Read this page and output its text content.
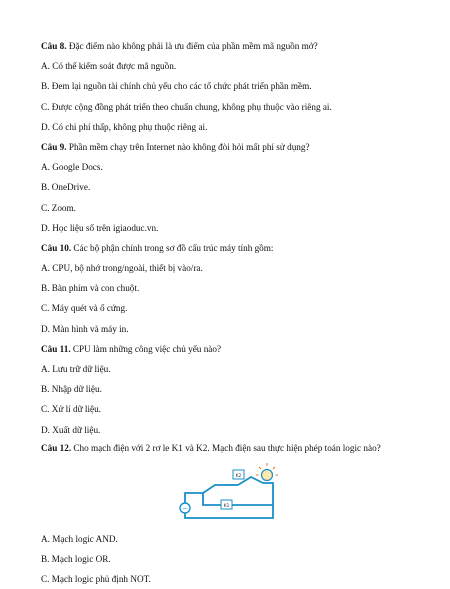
Câu 8. Đặc điểm nào không phải là ưu điểm của phần mềm mã nguồn mở?
A. Có thể kiểm soát được mã nguồn.
B. Đem lại nguồn tài chính chủ yếu cho các tổ chức phát triển phần mềm.
C. Được cộng đồng phát triển theo chuẩn chung, không phụ thuộc vào riêng ai.
D. Có chi phí thấp, không phụ thuộc riêng ai.
Câu 9. Phần mềm chạy trên Internet nào không đòi hỏi mất phí sử dụng?
A. Google Docs.
B. OneDrive.
C. Zoom.
D. Học liệu số trên igiaoduc.vn.
Câu 10. Các bộ phận chính trong sơ đồ cấu trúc máy tính gồm:
A. CPU, bộ nhớ trong/ngoài, thiết bị vào/ra.
B. Bàn phím và con chuột.
C. Máy quét và ổ cứng.
D. Màn hình và máy in.
Câu 11. CPU làm những công việc chủ yếu nào?
A. Lưu trữ dữ liệu.
B. Nhập dữ liệu.
C. Xử lí dữ liệu.
D. Xuất dữ liệu.
Câu 12. Cho mạch điện với 2 rơ le K1 và K2. Mạch điện sau thực hiện phép toán logic nào?
−
K2
K1
A. Mạch logic AND.
B. Mạch logic OR.
C. Mạch logic phủ định NOT.
